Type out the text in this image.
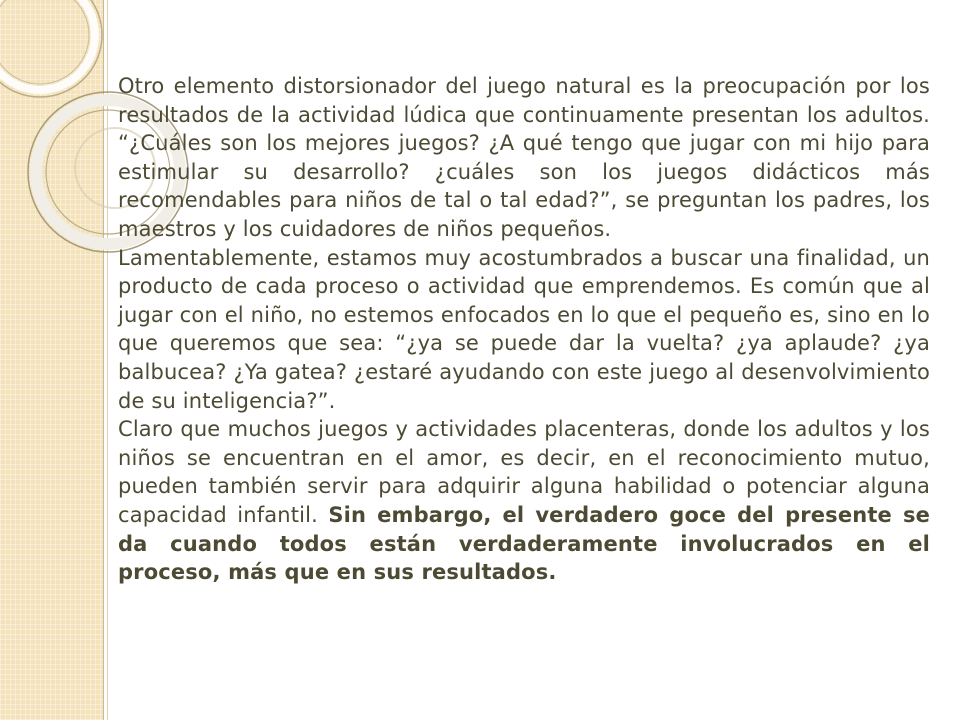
Otro elemento distorsionador del juego natural es la preocupación por los resultados de la actividad lúdica que continuamente presentan los adultos. “¿Cuáles son los mejores juegos? ¿A qué tengo que jugar con mi hijo para estimular su desarrollo? ¿cuáles son los juegos didácticos más recomendables para niños de tal o tal edad?”, se preguntan los padres, los maestros y los cuidadores de niños pequeños.

Lamentablemente, estamos muy acostumbrados a buscar una finalidad, un producto de cada proceso o actividad que emprendemos. Es común que al jugar con el niño, no estemos enfocados en lo que el pequeño es, sino en lo que queremos que sea: “¿ya se puede dar la vuelta? ¿ya aplaude? ¿ya balbucea? ¿Ya gatea? ¿estaré ayudando con este juego al desenvolvimiento de su inteligencia?”.

Claro que muchos juegos y actividades placenteras, donde los adultos y los niños se encuentran en el amor, es decir, en el reconocimiento mutuo, pueden también servir para adquirir alguna habilidad o potenciar alguna capacidad infantil. Sin embargo, el verdadero goce del presente se da cuando todos están verdaderamente involucrados en el proceso, más que en sus resultados.
